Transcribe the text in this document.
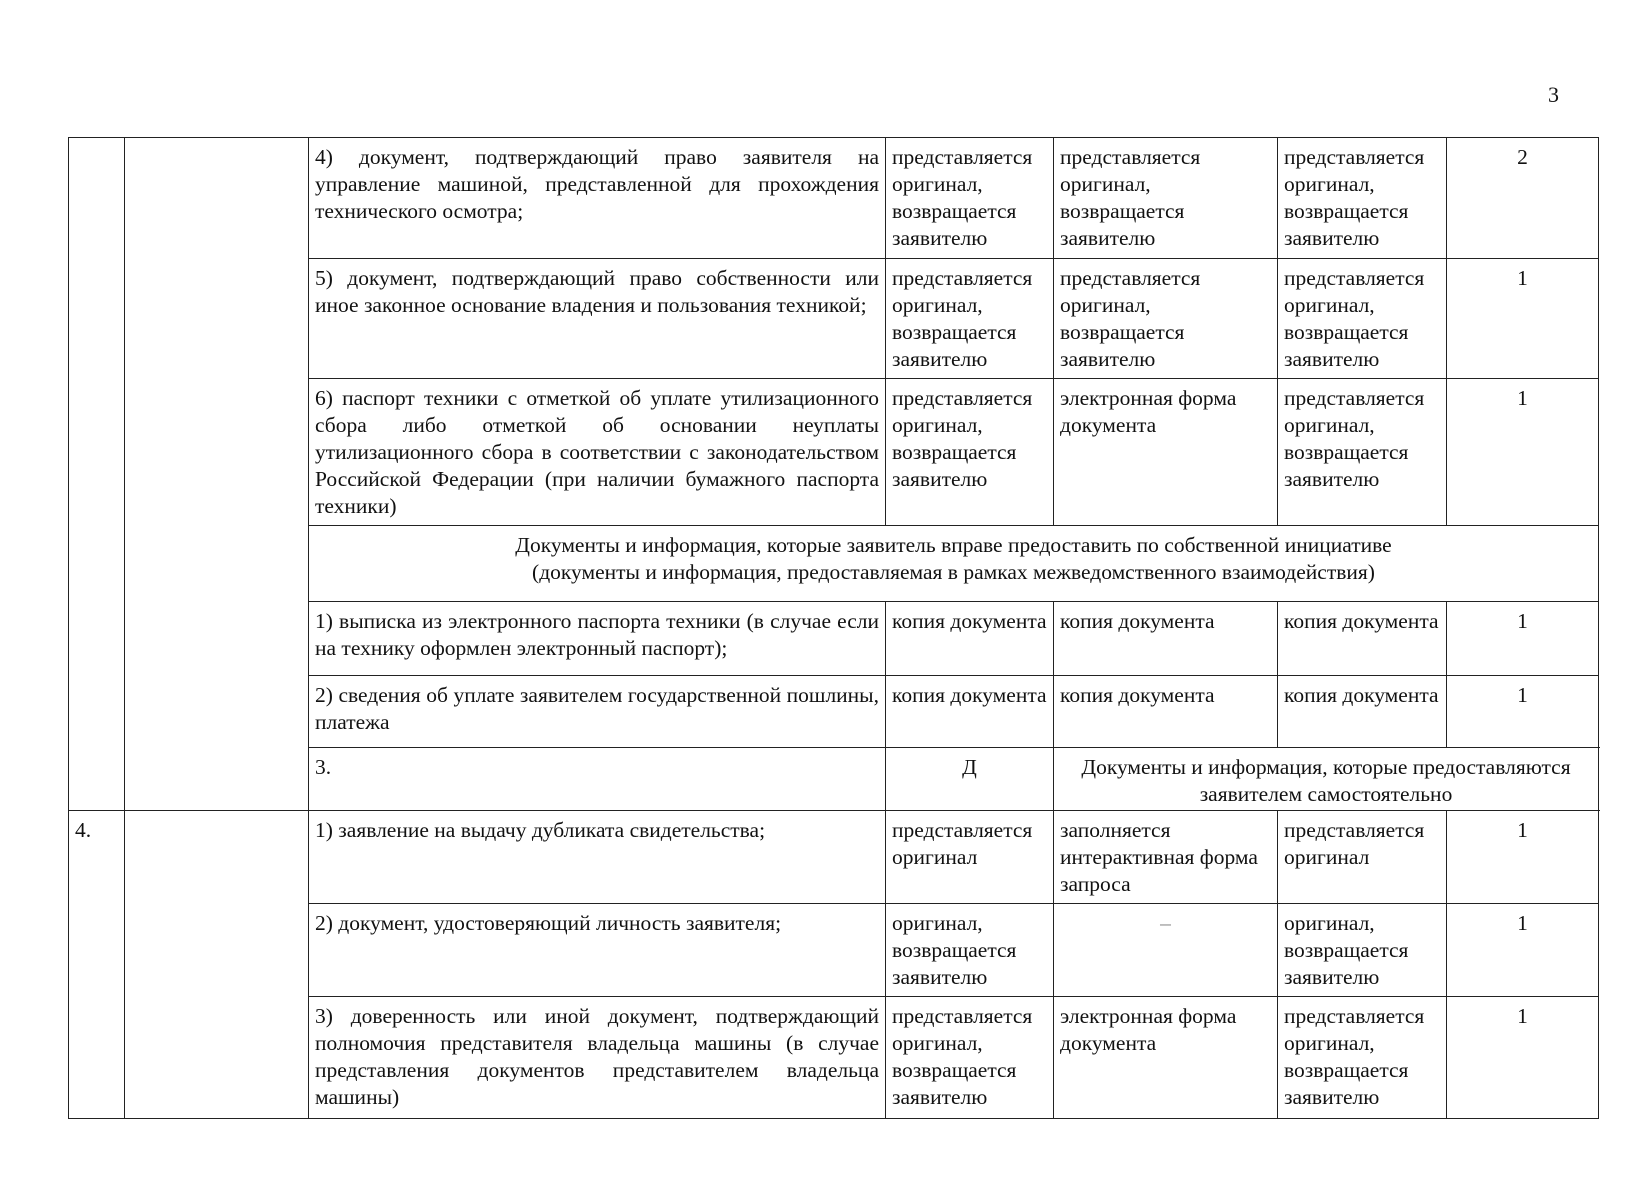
3
		4) документ, подтверждающий право заявителя на управление машиной, представленной для прохождения технического осмотра;	представляется оригинал, возвращается заявителю	представляется оригинал, возвращается заявителю	представляется оригинал, возвращается заявителю	2
		5) документ, подтверждающий право собственности или иное законное основание владения и пользования техникой;	представляется оригинал, возвращается заявителю	представляется оригинал, возвращается заявителю	представляется оригинал, возвращается заявителю	1
		6) паспорт техники с отметкой об уплате утилизационного сбора либо отметкой об основании неуплаты утилизационного сбора в соответствии с законодательством Российской Федерации (при наличии бумажного паспорта техники)	представляется оригинал, возвращается заявителю	электронная форма документа	представляется оригинал, возвращается заявителю	1

		Документы и информация, которые заявитель вправе предоставить по собственной инициативе
(документы и информация, предоставляемая в рамках межведомственного взаимодействия)				

		1) выписка из электронного паспорта техники (в случае если на технику оформлен электронный паспорт);	копия документа	копия документа	копия документа	1
		2) сведения об уплате заявителем государственной пошлины, платежа	копия документа	копия документа	копия документа	1
		3.	Д	Документы и информация, которые предоставляются заявителем самостоятельно		
4.		1) заявление на выдачу дубликата свидетельства;	представляется оригинал	заполняется интерактивная форма запроса	представляется оригинал	1
		2) документ, удостоверяющий личность заявителя;	оригинал, возвращается заявителю	–	оригинал, возвращается заявителю	1
		3) доверенность или иной документ, подтверждающий полномочия представителя владельца машины (в случае представления документов представителем владельца машины)	представляется оригинал, возвращается заявителю	электронная форма документа	представляется оригинал, возвращается заявителю	1
